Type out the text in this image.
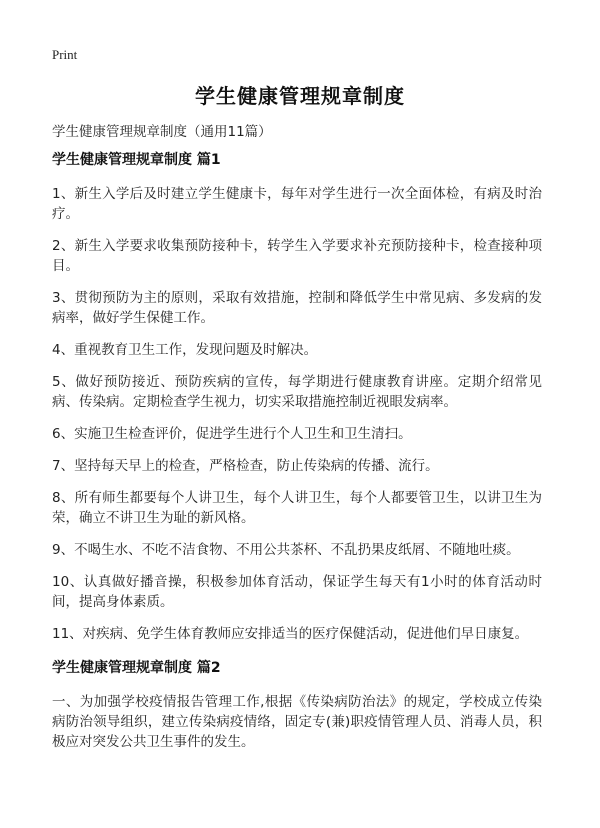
Print
学生健康管理规章制度
学生健康管理规章制度（通用11篇）
学生健康管理规章制度 篇1

1、新生入学后及时建立学生健康卡，每年对学生进行一次全面体检，有病及时治疗。

2、新生入学要求收集预防接种卡，转学生入学要求补充预防接种卡，检查接种项目。

3、贯彻预防为主的原则，采取有效措施，控制和降低学生中常见病、多发病的发病率，做好学生保健工作。

4、重视教育卫生工作，发现问题及时解决。

5、做好预防接近、预防疾病的宣传，每学期进行健康教育讲座。定期介绍常见病、传染病。定期检查学生视力，切实采取措施控制近视眼发病率。

6、实施卫生检查评价，促进学生进行个人卫生和卫生清扫。

7、坚持每天早上的检查，严格检查，防止传染病的传播、流行。

8、所有师生都要每个人讲卫生，每个人讲卫生，每个人都要管卫生，以讲卫生为荣，确立不讲卫生为耻的新风格。

9、不喝生水、不吃不洁食物、不用公共茶杯、不乱扔果皮纸屑、不随地吐痰。

10、认真做好播音操，积极参加体育活动，保证学生每天有1小时的体育活动时间，提高身体素质。

11、对疾病、免学生体育教师应安排适当的医疗保健活动，促进他们早日康复。

学生健康管理规章制度 篇2

一、为加强学校疫情报告管理工作,根据《传染病防治法》的规定，学校成立传染病防治领导组织，建立传染病疫情络，固定专(兼)职疫情管理人员、消毒人员，积极应对突发公共卫生事件的发生。
